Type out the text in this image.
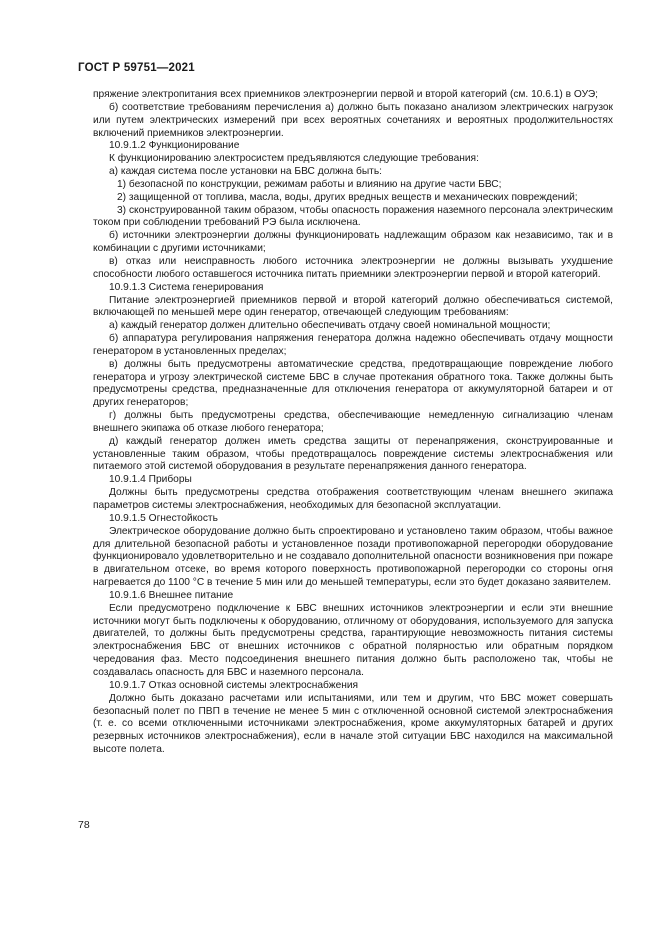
ГОСТ Р 59751—2021
пряжение электропитания всех приемников электроэнергии первой и второй категорий (см. 10.6.1) в ОУЭ;
б) соответствие требованиям перечисления а) должно быть показано анализом электрических нагрузок или путем электрических измерений при всех вероятных сочетаниях и вероятных продолжительностях включений приемников электроэнергии.
10.9.1.2 Функционирование
К функционированию электросистем предъявляются следующие требования:
а) каждая система после установки на БВС должна быть:
1) безопасной по конструкции, режимам работы и влиянию на другие части БВС;
2) защищенной от топлива, масла, воды, других вредных веществ и механических повреждений;
3) сконструированной таким образом, чтобы опасность поражения наземного персонала электрическим током при соблюдении требований РЭ была исключена.
б) источники электроэнергии должны функционировать надлежащим образом как независимо, так и в комбинации с другими источниками;
в) отказ или неисправность любого источника электроэнергии не должны вызывать ухудшение способности любого оставшегося источника питать приемники электроэнергии первой и второй категорий.
10.9.1.3 Система генерирования
Питание электроэнергией приемников первой и второй категорий должно обеспечиваться системой, включающей по меньшей мере один генератор, отвечающей следующим требованиям:
а) каждый генератор должен длительно обеспечивать отдачу своей номинальной мощности;
б) аппаратура регулирования напряжения генератора должна надежно обеспечивать отдачу мощности генератором в установленных пределах;
в) должны быть предусмотрены автоматические средства, предотвращающие повреждение любого генератора и угрозу электрической системе БВС в случае протекания обратного тока. Также должны быть предусмотрены средства, предназначенные для отключения генератора от аккумуляторной батареи и от других генераторов;
г) должны быть предусмотрены средства, обеспечивающие немедленную сигнализацию членам внешнего экипажа об отказе любого генератора;
д) каждый генератор должен иметь средства защиты от перенапряжения, сконструированные и установленные таким образом, чтобы предотвращалось повреждение системы электроснабжения или питаемого этой системой оборудования в результате перенапряжения данного генератора.
10.9.1.4 Приборы
Должны быть предусмотрены средства отображения соответствующим членам внешнего экипажа параметров системы электроснабжения, необходимых для безопасной эксплуатации.
10.9.1.5 Огнестойкость
Электрическое оборудование должно быть спроектировано и установлено таким образом, чтобы важное для длительной безопасной работы и установленное позади противопожарной перегородки оборудование функционировало удовлетворительно и не создавало дополнительной опасности возникновения при пожаре в двигательном отсеке, во время которого поверхность противопожарной перегородки со стороны огня нагревается до 1100 °С в течение 5 мин или до меньшей температуры, если это будет доказано заявителем.
10.9.1.6 Внешнее питание
Если предусмотрено подключение к БВС внешних источников электроэнергии и если эти внешние источники могут быть подключены к оборудованию, отличному от оборудования, используемого для запуска двигателей, то должны быть предусмотрены средства, гарантирующие невозможность питания системы электроснабжения БВС от внешних источников с обратной полярностью или обратным порядком чередования фаз. Место подсоединения внешнего питания должно быть расположено так, чтобы не создавалась опасность для БВС и наземного персонала.
10.9.1.7 Отказ основной системы электроснабжения
Должно быть доказано расчетами или испытаниями, или тем и другим, что БВС может совершать безопасный полет по ПВП в течение не менее 5 мин с отключенной основной системой электроснабжения (т. е. со всеми отключенными источниками электроснабжения, кроме аккумуляторных батарей и других резервных источников электроснабжения), если в начале этой ситуации БВС находился на максимальной высоте полета.
78
